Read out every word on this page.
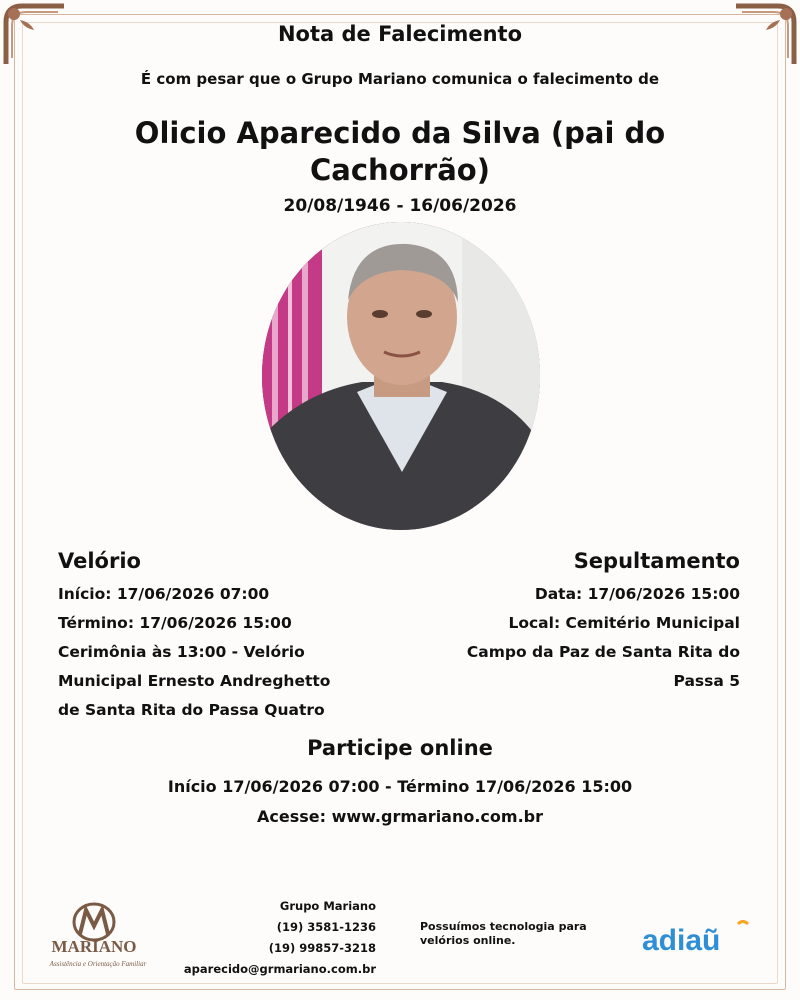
Nota de Falecimento
É com pesar que o Grupo Mariano comunica o falecimento de
Olicio Aparecido da Silva (pai do
Cachorrão)
20/08/1946 - 16/06/2026
Velório

Início: 17/06/2026 07:00

Término: 17/06/2026 15:00

Cerimônia às 13:00 - Velório

Municipal Ernesto Andreghetto

de Santa Rita do Passa Quatro

Sepultamento

Data: 17/06/2026 15:00

Local: Cemitério Municipal

Campo da Paz de Santa Rita do

Passa 5

Participe online
Início 17/06/2026 07:00 - Término 17/06/2026 15:00
Acesse: www.grmariano.com.br
MARIANO
Assistência e Orientação Familiar
Grupo Mariano
(19) 3581-1236
(19) 99857-3218
aparecido@grmariano.com.br
Possuímos tecnologia para
velórios online.	adiaũ
